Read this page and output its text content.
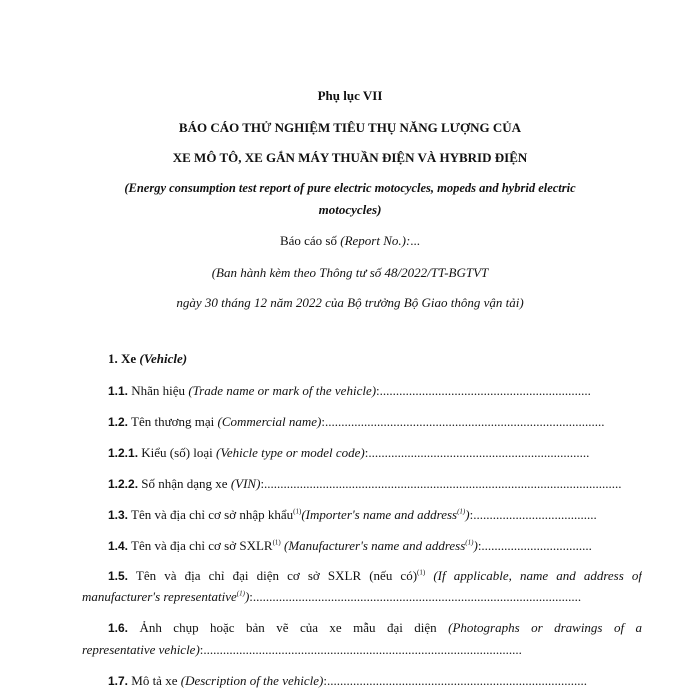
Phụ lục VII
BÁO CÁO THỬ NGHIỆM TIÊU THỤ NĂNG LƯỢNG CỦA
XE MÔ TÔ, XE GẮN MÁY THUẦN ĐIỆN VÀ HYBRID ĐIỆN
(Energy consumption test report of pure electric motocycles, mopeds and hybrid electric
motocycles)
Báo cáo số (Report No.):...
(Ban hành kèm theo Thông tư số 48/2022/TT-BGTVT
ngày 30 tháng 12 năm 2022 của Bộ trưởng Bộ Giao thông vận tải)
1. Xe (Vehicle)
1.1. Nhãn hiệu (Trade name or mark of the vehicle):.................................................................
1.2. Tên thương mại (Commercial name):......................................................................................
1.2.1. Kiểu (số) loại (Vehicle type or model code):....................................................................
1.2.2. Số nhận dạng xe (VIN):..............................................................................................................
1.3. Tên và địa chỉ cơ sở nhập khẩu$^{(1)}$(Importer's name and address$^{(1)}$):......................................
1.4. Tên và địa chỉ cơ sở SXLR$^{(1)}$ (Manufacturer's name and address$^{(1)}$):..................................
1.5. Tên và địa chỉ đại diện cơ sở SXLR (nếu có)$^{(1)}$ (If applicable, name and address of
manufacturer's representative$^{(1)}$):.....................................................................................................
1.6. Ảnh chụp hoặc bản vẽ của xe mẫu đại diện (Photographs or drawings of a
representative vehicle):..................................................................................................
1.7. Mô tả xe (Description of the vehicle):................................................................................
